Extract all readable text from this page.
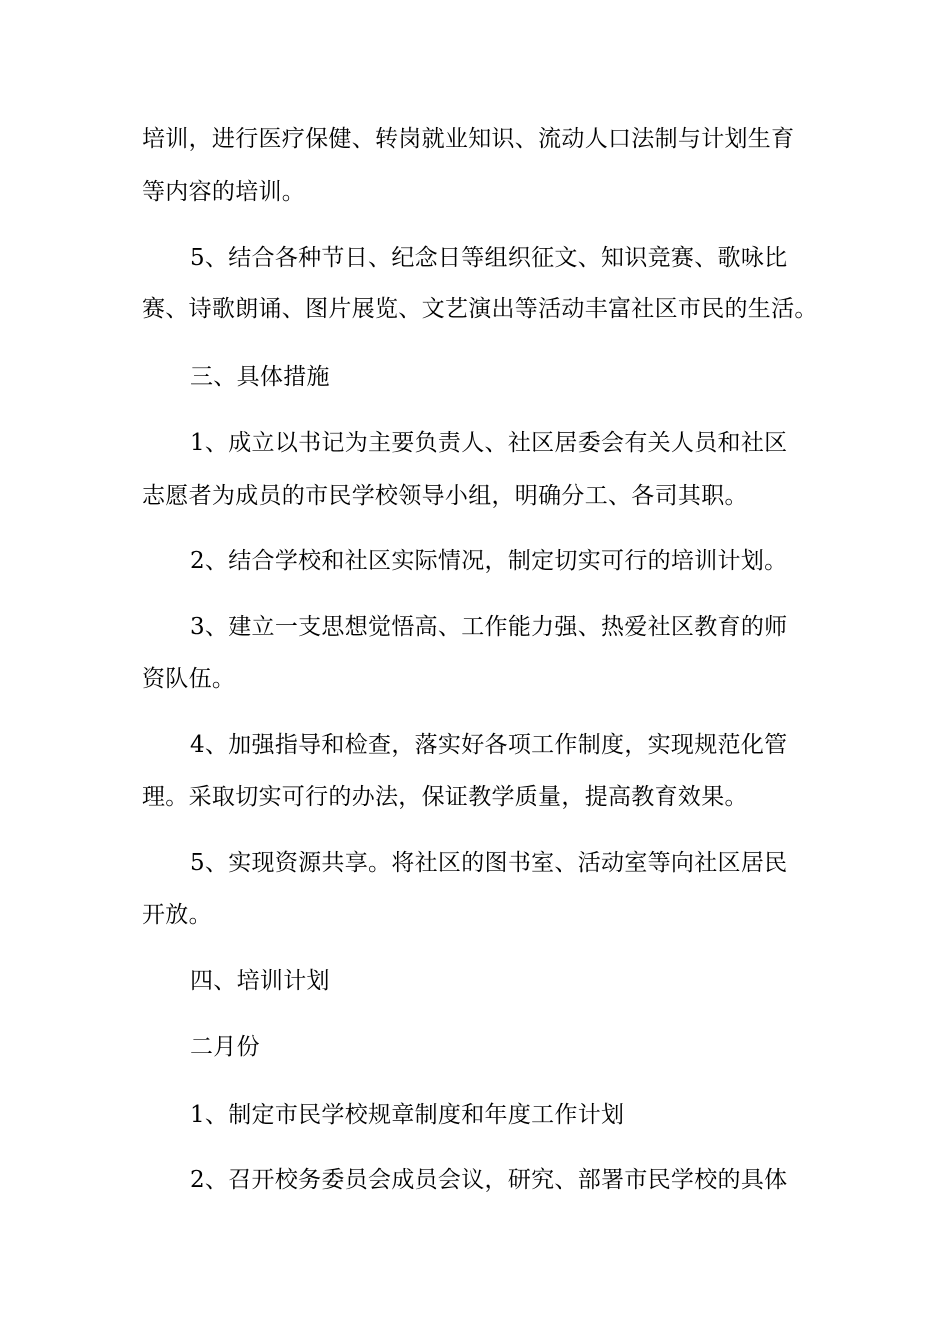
培训，进行医疗保健、转岗就业知识、流动人口法制与计划生育
等内容的培训。
5、结合各种节日、纪念日等组织征文、知识竞赛、歌咏比
赛、诗歌朗诵、图片展览、文艺演出等活动丰富社区市民的生活。
三、具体措施
1、成立以书记为主要负责人、社区居委会有关人员和社区
志愿者为成员的市民学校领导小组，明确分工、各司其职。
2、结合学校和社区实际情况，制定切实可行的培训计划。
3、建立一支思想觉悟高、工作能力强、热爱社区教育的师
资队伍。
4、加强指导和检查，落实好各项工作制度，实现规范化管
理。采取切实可行的办法，保证教学质量，提高教育效果。
5、实现资源共享。将社区的图书室、活动室等向社区居民
开放。
四、培训计划
二月份
1、制定市民学校规章制度和年度工作计划
2、召开校务委员会成员会议，研究、部署市民学校的具体
